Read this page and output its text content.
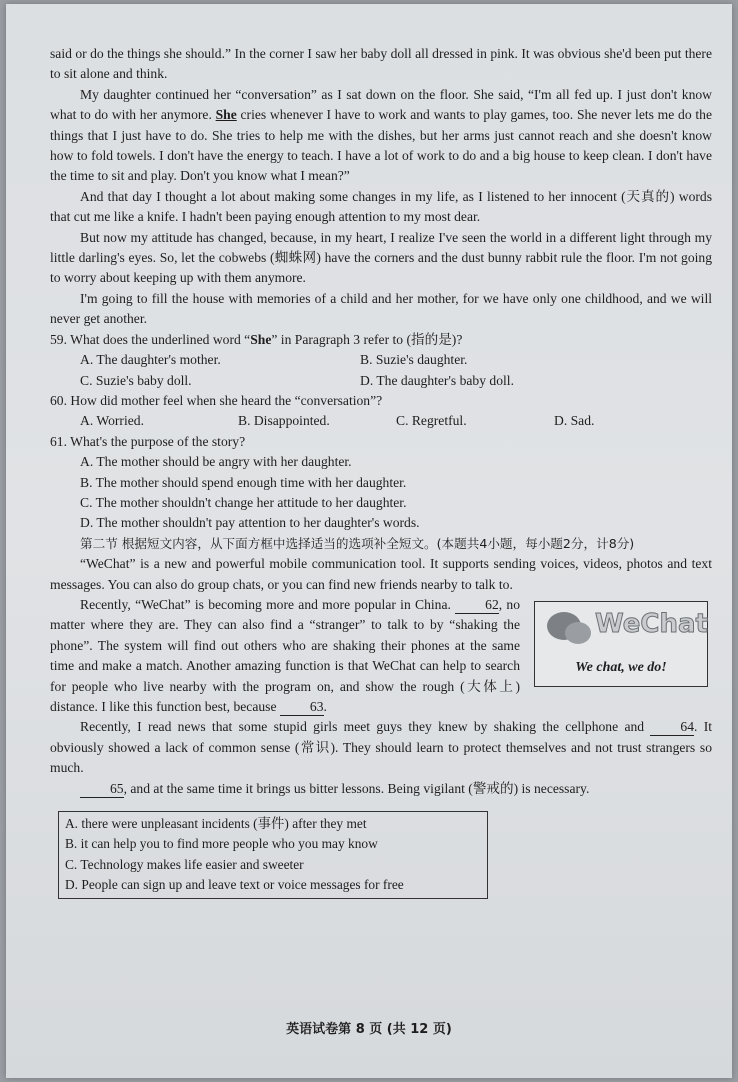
said or do the things she should.” In the corner I saw her baby doll all dressed in pink. It was obvious she'd been put there to sit alone and think.

My daughter continued her “conversation” as I sat down on the floor. She said, “I'm all fed up. I just don't know what to do with her anymore. She cries whenever I have to work and wants to play games, too. She never lets me do the things that I just have to do. She tries to help me with the dishes, but her arms just cannot reach and she doesn't know how to fold towels. I don't have the energy to teach. I have a lot of work to do and a big house to keep clean. I don't have the time to sit and play. Don't you know what I mean?”

And that day I thought a lot about making some changes in my life, as I listened to her innocent (天真的) words that cut me like a knife. I hadn't been paying enough attention to my most dear.

But now my attitude has changed, because, in my heart, I realize I've seen the world in a different light through my little darling's eyes. So, let the cobwebs (蜘蛛网) have the corners and the dust bunny rabbit rule the floor. I'm not going to worry about keeping up with them anymore.

I'm going to fill the house with memories of a child and her mother, for we have only one childhood, and we will never get another.

59. What does the underlined word “She” in Paragraph 3 refer to (指的是)?
A. The daughter's mother.	B. Suzie's daughter.
C. Suzie's baby doll.	D. The daughter's baby doll.
60. How did mother feel when she heard the “conversation”?
A. Worried.	B. Disappointed.	C. Regretful.	D. Sad.
61. What's the purpose of the story?
A. The mother should be angry with her daughter.
B. The mother should spend enough time with her daughter.
C. The mother shouldn't change her attitude to her daughter.
D. The mother shouldn't pay attention to her daughter's words.

第二节 根据短文内容，从下面方框中选择适当的选项补全短文。(本题共4小题，每小题2分，计8分)

“WeChat” is a new and powerful mobile communication tool. It supports sending voices, videos, photos and text messages. You can also do group chats, or you can find new friends nearby to talk to.

WeChat
We chat, we do!

Recently, “WeChat” is becoming more and more popular in China. 62, no matter where they are. They can also find a “stranger” to talk to by “shaking the phone”. The system will find out others who are shaking their phones at the same time and make a match. Another amazing function is that WeChat can help to search for people who live nearby with the program on, and show the rough (大体上) distance. I like this function best, because 63.

Recently, I read news that some stupid girls meet guys they knew by shaking the cellphone and 64. It obviously showed a lack of common sense (常识). They should learn to protect themselves and not trust strangers so much.

65, and at the same time it brings us bitter lessons. Being vigilant (警戒的) is necessary.

A. there were unpleasant incidents (事件) after they met
B. it can help you to find more people who you may know
C. Technology makes life easier and sweeter
D. People can sign up and leave text or voice messages for free
英语试卷第 8 页 (共 12 页)
